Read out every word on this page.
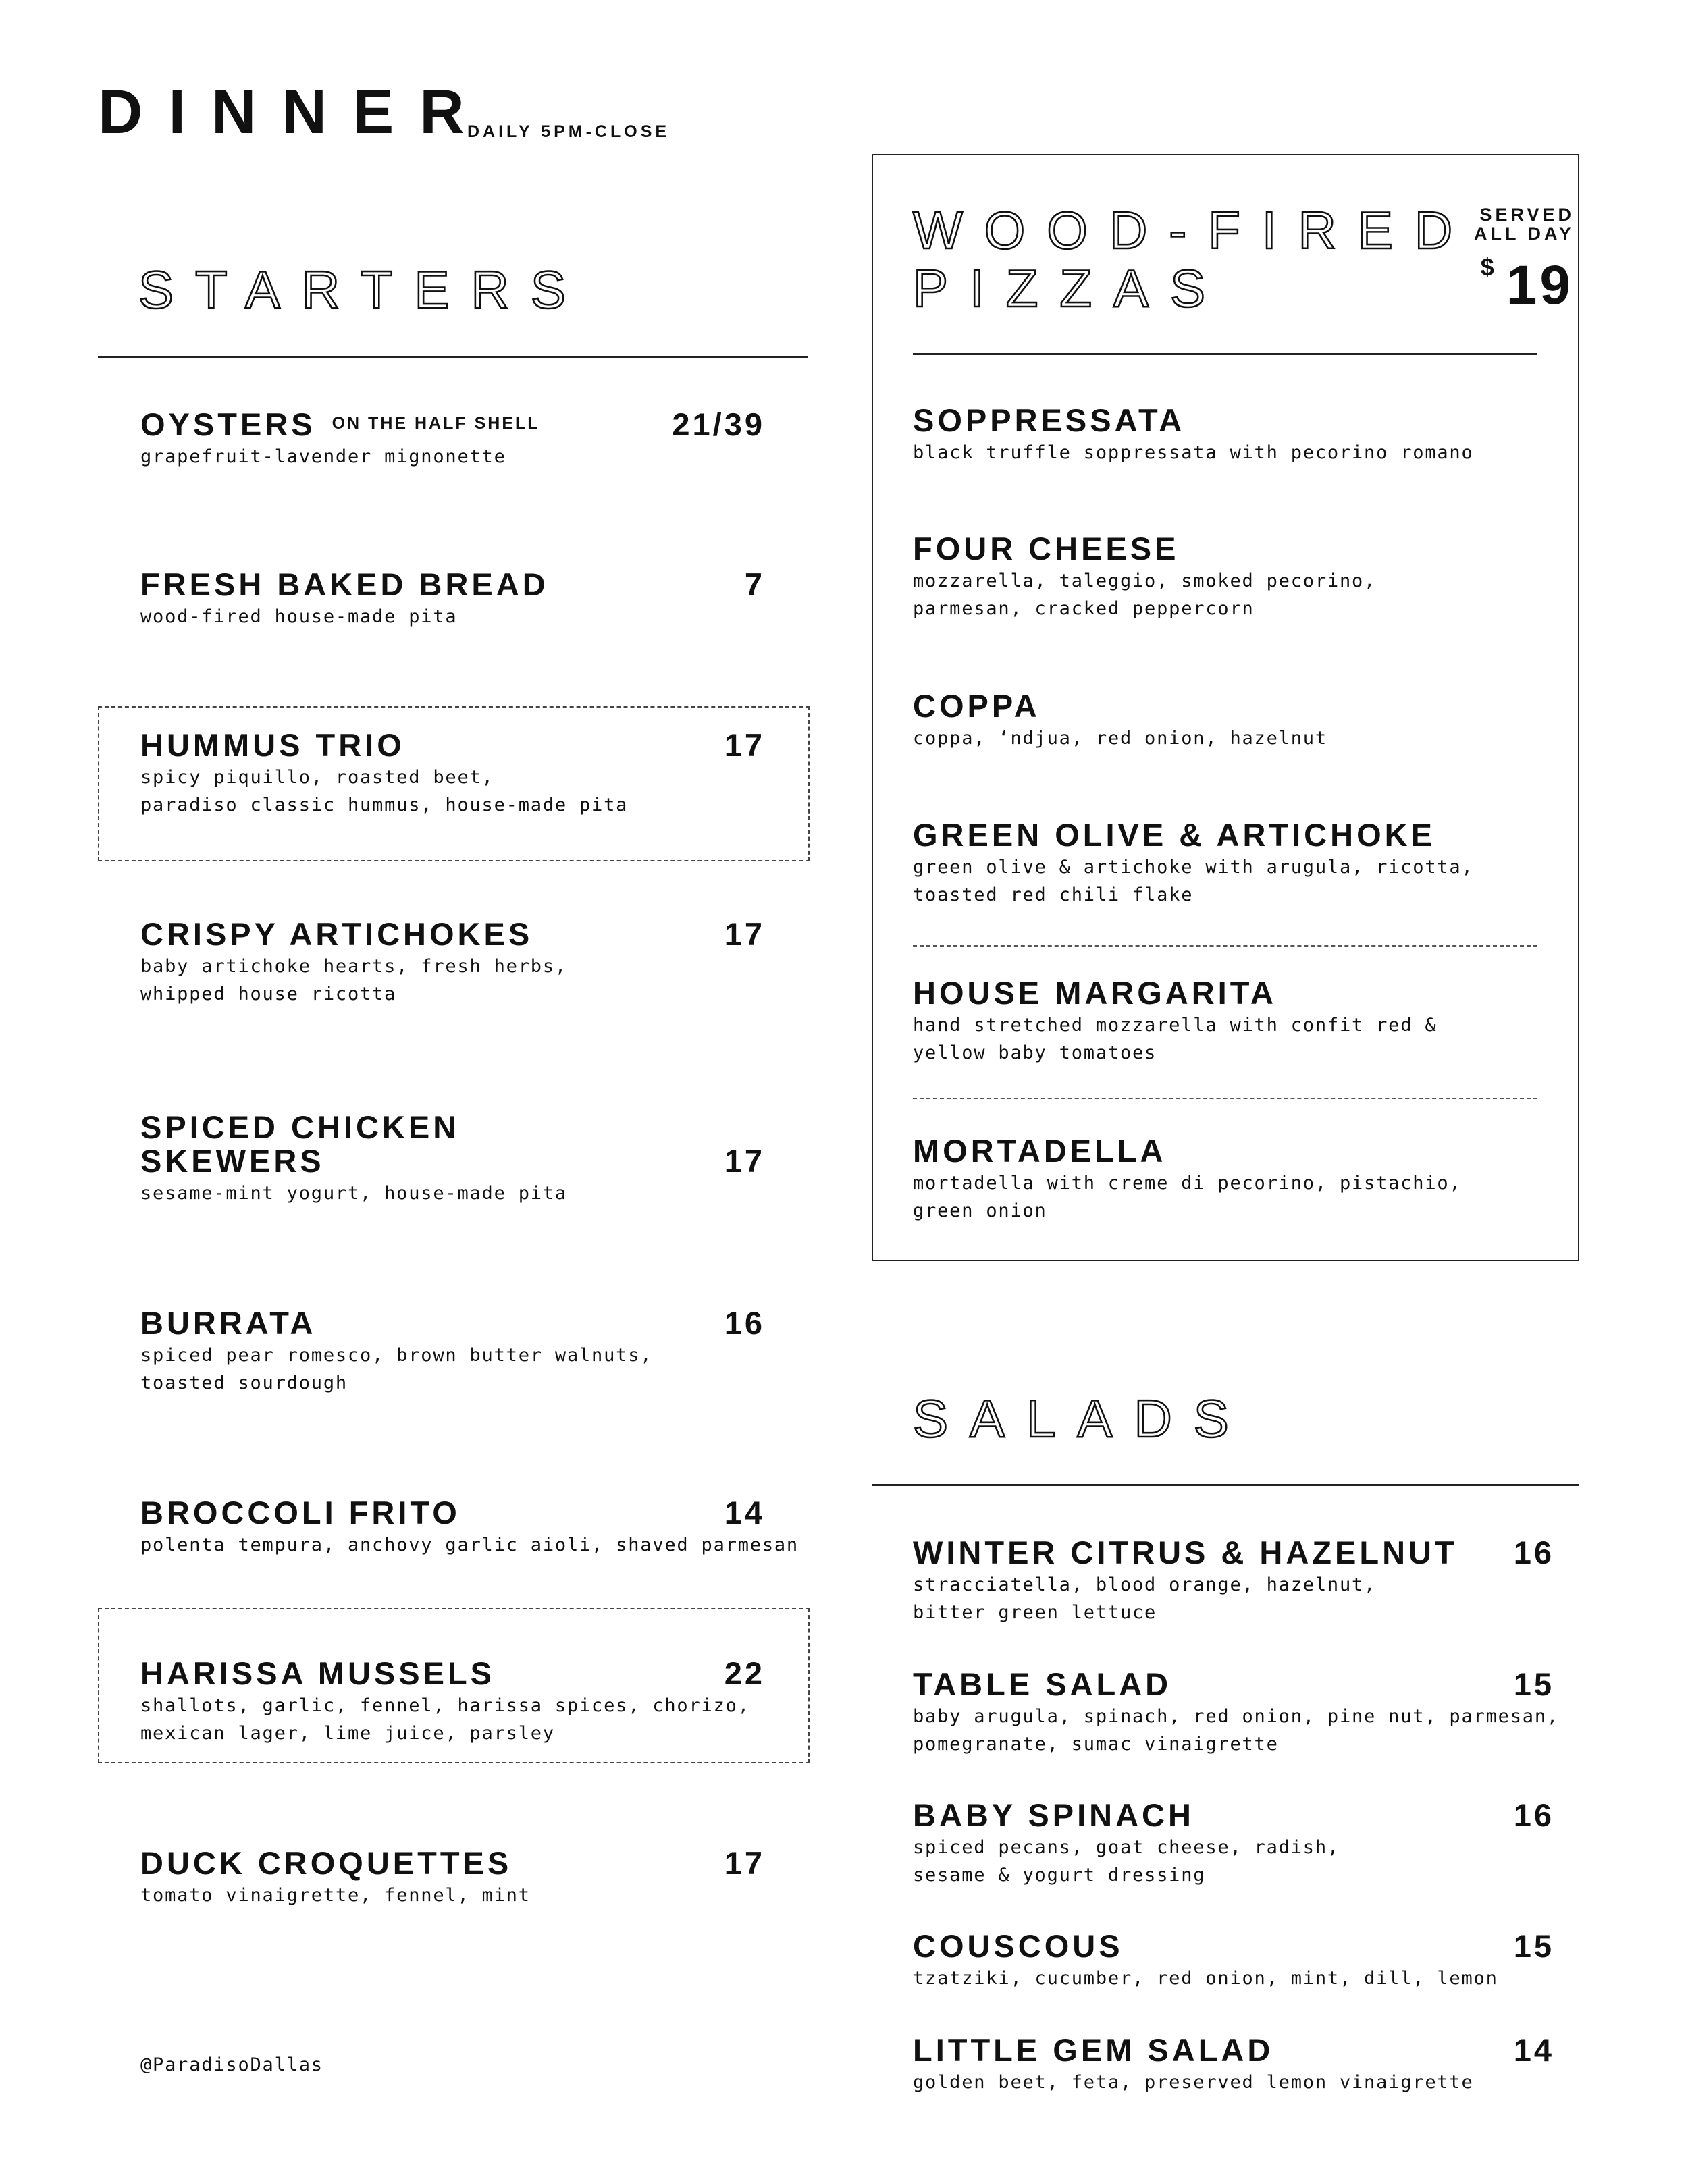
DINNER
DAILY 5PM-CLOSE
STARTERS
OYSTERS $^{ON THE HALF SHELL}$	21/39
grapefruit-lavender mignonette
FRESH BAKED BREAD	7
wood-fired house-made pita
HUMMUS TRIO	17
spicy piquillo, roasted beet,
paradiso classic hummus, house-made pita
CRISPY ARTICHOKES	17
baby artichoke hearts, fresh herbs,
whipped house ricotta
SPICED CHICKEN
SKEWERS	17
sesame-mint yogurt, house-made pita
BURRATA	16
spiced pear romesco, brown butter walnuts,
toasted sourdough
BROCCOLI FRITO	14
polenta tempura, anchovy garlic aioli, shaved parmesan
HARISSA MUSSELS	22
shallots, garlic, fennel, harissa spices, chorizo,
mexican lager, lime juice, parsley
DUCK CROQUETTES	17
tomato vinaigrette, fennel, mint
WOOD-FIRED
PIZZAS
SERVED
ALL DAY
$ 19
SOPPRESSATA
black truffle soppressata with pecorino romano
FOUR CHEESE
mozzarella, taleggio, smoked pecorino,
parmesan, cracked peppercorn
COPPA
coppa, ‘ndjua, red onion, hazelnut
GREEN OLIVE & ARTICHOKE
green olive & artichoke with arugula, ricotta,
toasted red chili flake
HOUSE MARGARITA
hand stretched mozzarella with confit red &
yellow baby tomatoes
MORTADELLA
mortadella with creme di pecorino, pistachio,
green onion
SALADS
WINTER CITRUS & HAZELNUT	16
stracciatella, blood orange, hazelnut,
bitter green lettuce
TABLE SALAD	15
baby arugula, spinach, red onion, pine nut, parmesan,
pomegranate, sumac vinaigrette
BABY SPINACH	16
spiced pecans, goat cheese, radish,
sesame & yogurt dressing
COUSCOUS	15
tzatziki, cucumber, red onion, mint, dill, lemon
LITTLE GEM SALAD	14
golden beet, feta, preserved lemon vinaigrette
@ParadisoDallas
